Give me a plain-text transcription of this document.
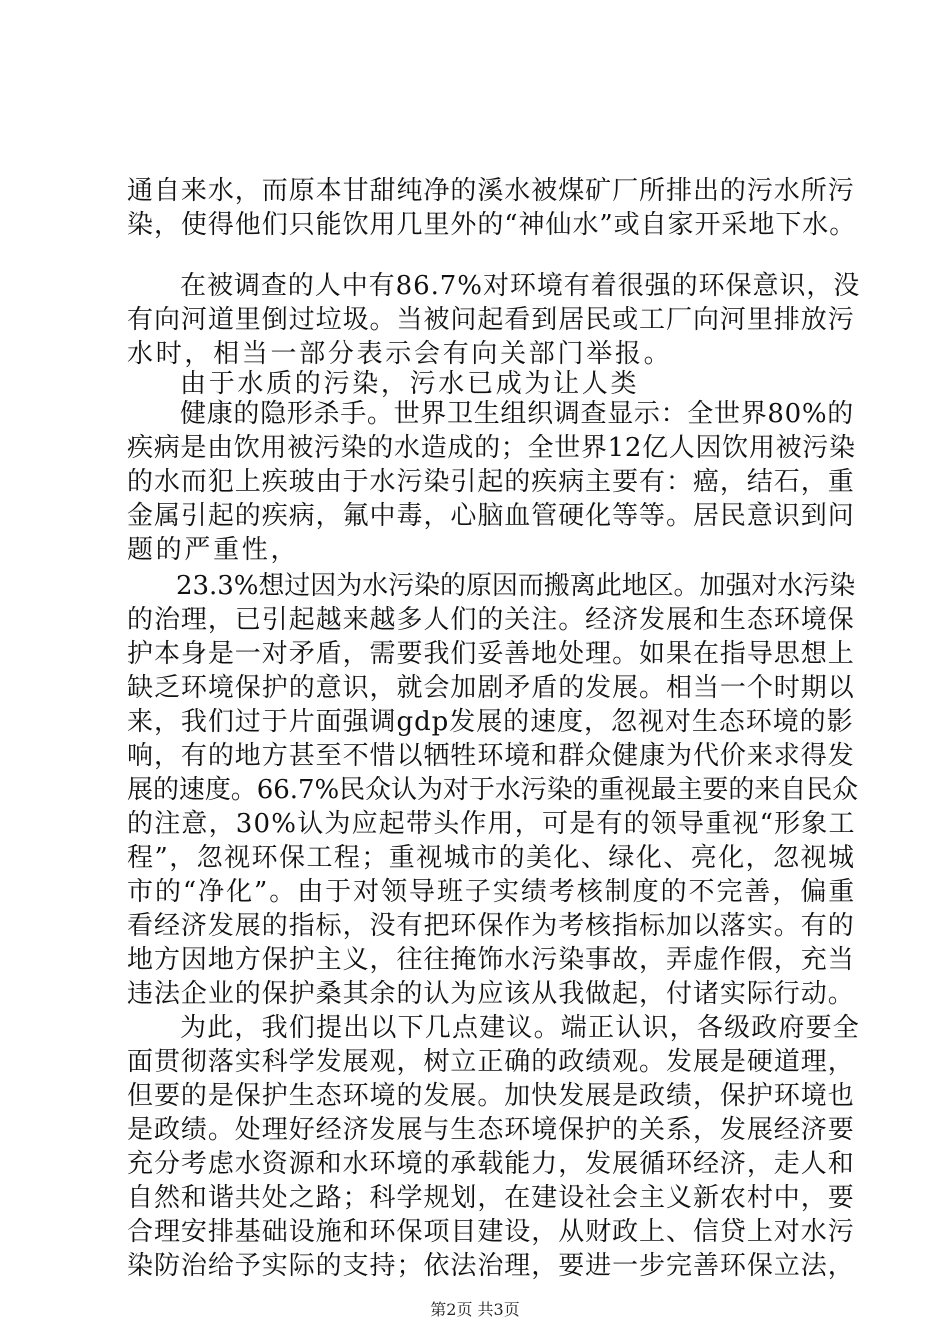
通自来水，而原本甘甜纯净的溪水被煤矿厂所排出的污水所污
染，使得他们只能饮用几里外的“神仙水”或自家开采地下水。
在被调查的人中有86.7%对环境有着很强的环保意识，没
有向河道里倒过垃圾。当被问起看到居民或工厂向河里排放污
水时，相当一部分表示会有向关部门举报。
由于水质的污染，污水已成为让人类
健康的隐形杀手。世界卫生组织调查显示：全世界80%的
疾病是由饮用被污染的水造成的；全世界12亿人因饮用被污染
的水而犯上疾玻由于水污染引起的疾病主要有：癌，结石，重
金属引起的疾病，氟中毒，心脑血管硬化等等。居民意识到问
题的严重性，
23.3%想过因为水污染的原因而搬离此地区。加强对水污染
的治理，已引起越来越多人们的关注。经济发展和生态环境保
护本身是一对矛盾，需要我们妥善地处理。如果在指导思想上
缺乏环境保护的意识，就会加剧矛盾的发展。相当一个时期以
来，我们过于片面强调gdp发展的速度，忽视对生态环境的影
响，有的地方甚至不惜以牺牲环境和群众健康为代价来求得发
展的速度。66.7%民众认为对于水污染的重视最主要的来自民众
的注意，30%认为应起带头作用，可是有的领导重视“形象工
程”，忽视环保工程；重视城市的美化、绿化、亮化，忽视城
市的“净化”。由于对领导班子实绩考核制度的不完善，偏重
看经济发展的指标，没有把环保作为考核指标加以落实。有的
地方因地方保护主义，往往掩饰水污染事故，弄虚作假，充当
违法企业的保护桑其余的认为应该从我做起，付诸实际行动。
为此，我们提出以下几点建议。端正认识，各级政府要全
面贯彻落实科学发展观，树立正确的政绩观。发展是硬道理，
但要的是保护生态环境的发展。加快发展是政绩，保护环境也
是政绩。处理好经济发展与生态环境保护的关系，发展经济要
充分考虑水资源和水环境的承载能力，发展循环经济，走人和
自然和谐共处之路；科学规划，在建设社会主义新农村中，要
合理安排基础设施和环保项目建设，从财政上、信贷上对水污
染防治给予实际的支持；依法治理，要进一步完善环保立法，
第2页 共3页
